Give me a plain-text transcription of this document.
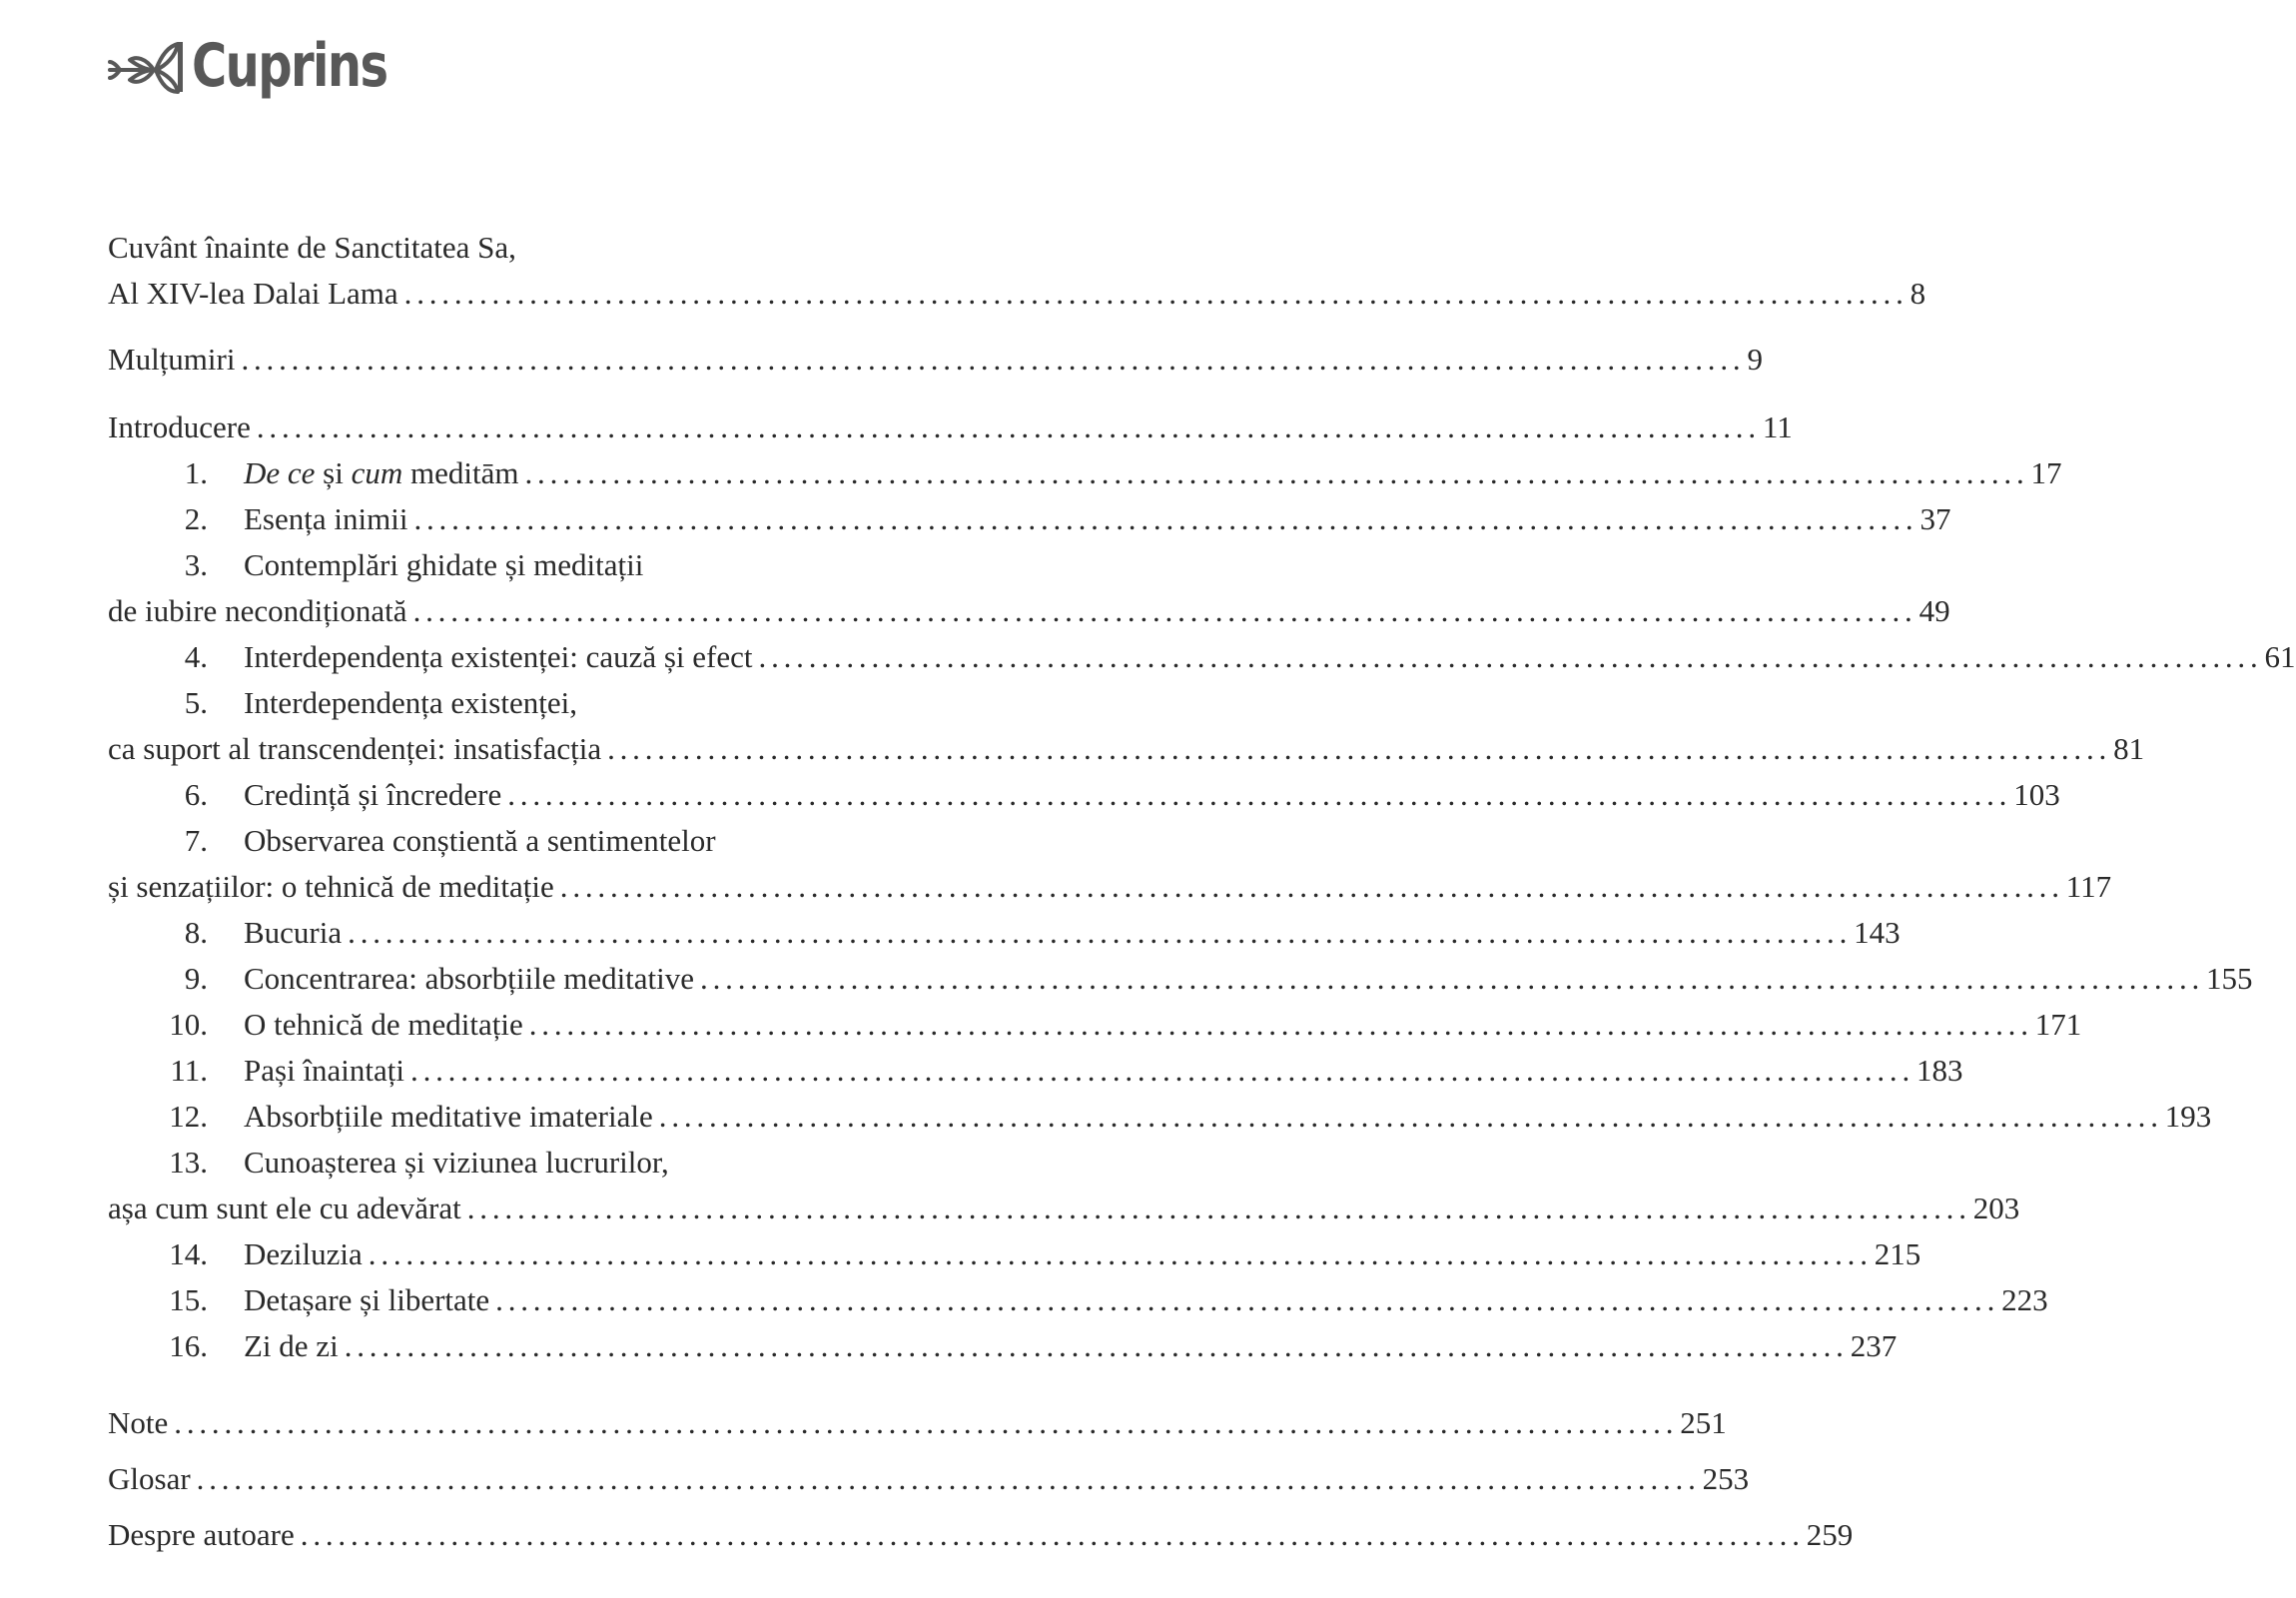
Cuprins
Cuvânt înainte de Sanctitatea Sa,
Al XIV-lea Dalai Lama ........................................................................................................................ 8
Mulțumiri ........................................................................................................................ 9
Introducere ........................................................................................................................ 11
1. De ce și cum meditām ........................................................................................................................ 17
2. Esența inimii ........................................................................................................................ 37
3. Contemplări ghidate și meditații
de iubire necondiționată ........................................................................................................................ 49
4. Interdependența existenței: cauză și efect ........................................................................................................................ 61
5. Interdependența existenței,
ca suport al transcendenței: insatisfacția ........................................................................................................................ 81
6. Credință și încredere ........................................................................................................................ 103
7. Observarea conștientă a sentimentelor
și senzațiilor: o tehnică de meditație ........................................................................................................................ 117
8. Bucuria ........................................................................................................................ 143
9. Concentrarea: absorbțiile meditative ........................................................................................................................ 155
10. O tehnică de meditație ........................................................................................................................ 171
11. Pași înaintați ........................................................................................................................ 183
12. Absorbțiile meditative imateriale ........................................................................................................................ 193
13. Cunoașterea și viziunea lucrurilor,
așa cum sunt ele cu adevărat ........................................................................................................................ 203
14. Deziluzia ........................................................................................................................ 215
15. Detașare și libertate ........................................................................................................................ 223
16. Zi de zi ........................................................................................................................ 237
Note ........................................................................................................................ 251
Glosar ........................................................................................................................ 253
Despre autoare ........................................................................................................................ 259
